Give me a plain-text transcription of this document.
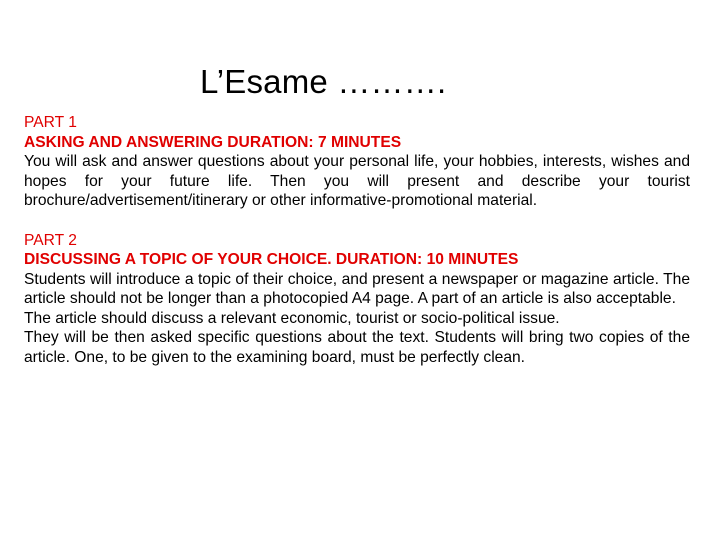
L’Esame ……….

PART 1

ASKING AND ANSWERING DURATION: 7 MINUTES

You will ask and answer questions about your personal life, your hobbies, interests, wishes and hopes for your future life. Then you will present and describe your tourist brochure/advertisement/itinerary or other informative-promotional material.

PART 2

DISCUSSING A TOPIC OF YOUR CHOICE. DURATION: 10 MINUTES

Students will introduce a topic of their choice, and present a newspaper or magazine article. The article should not be longer than a photocopied A4 page. A part of an article is also acceptable.

The article should discuss a relevant economic, tourist or socio-political issue.

They will be then asked specific questions about the text. Students will bring two copies of the article. One, to be given to the examining board, must be perfectly clean.
